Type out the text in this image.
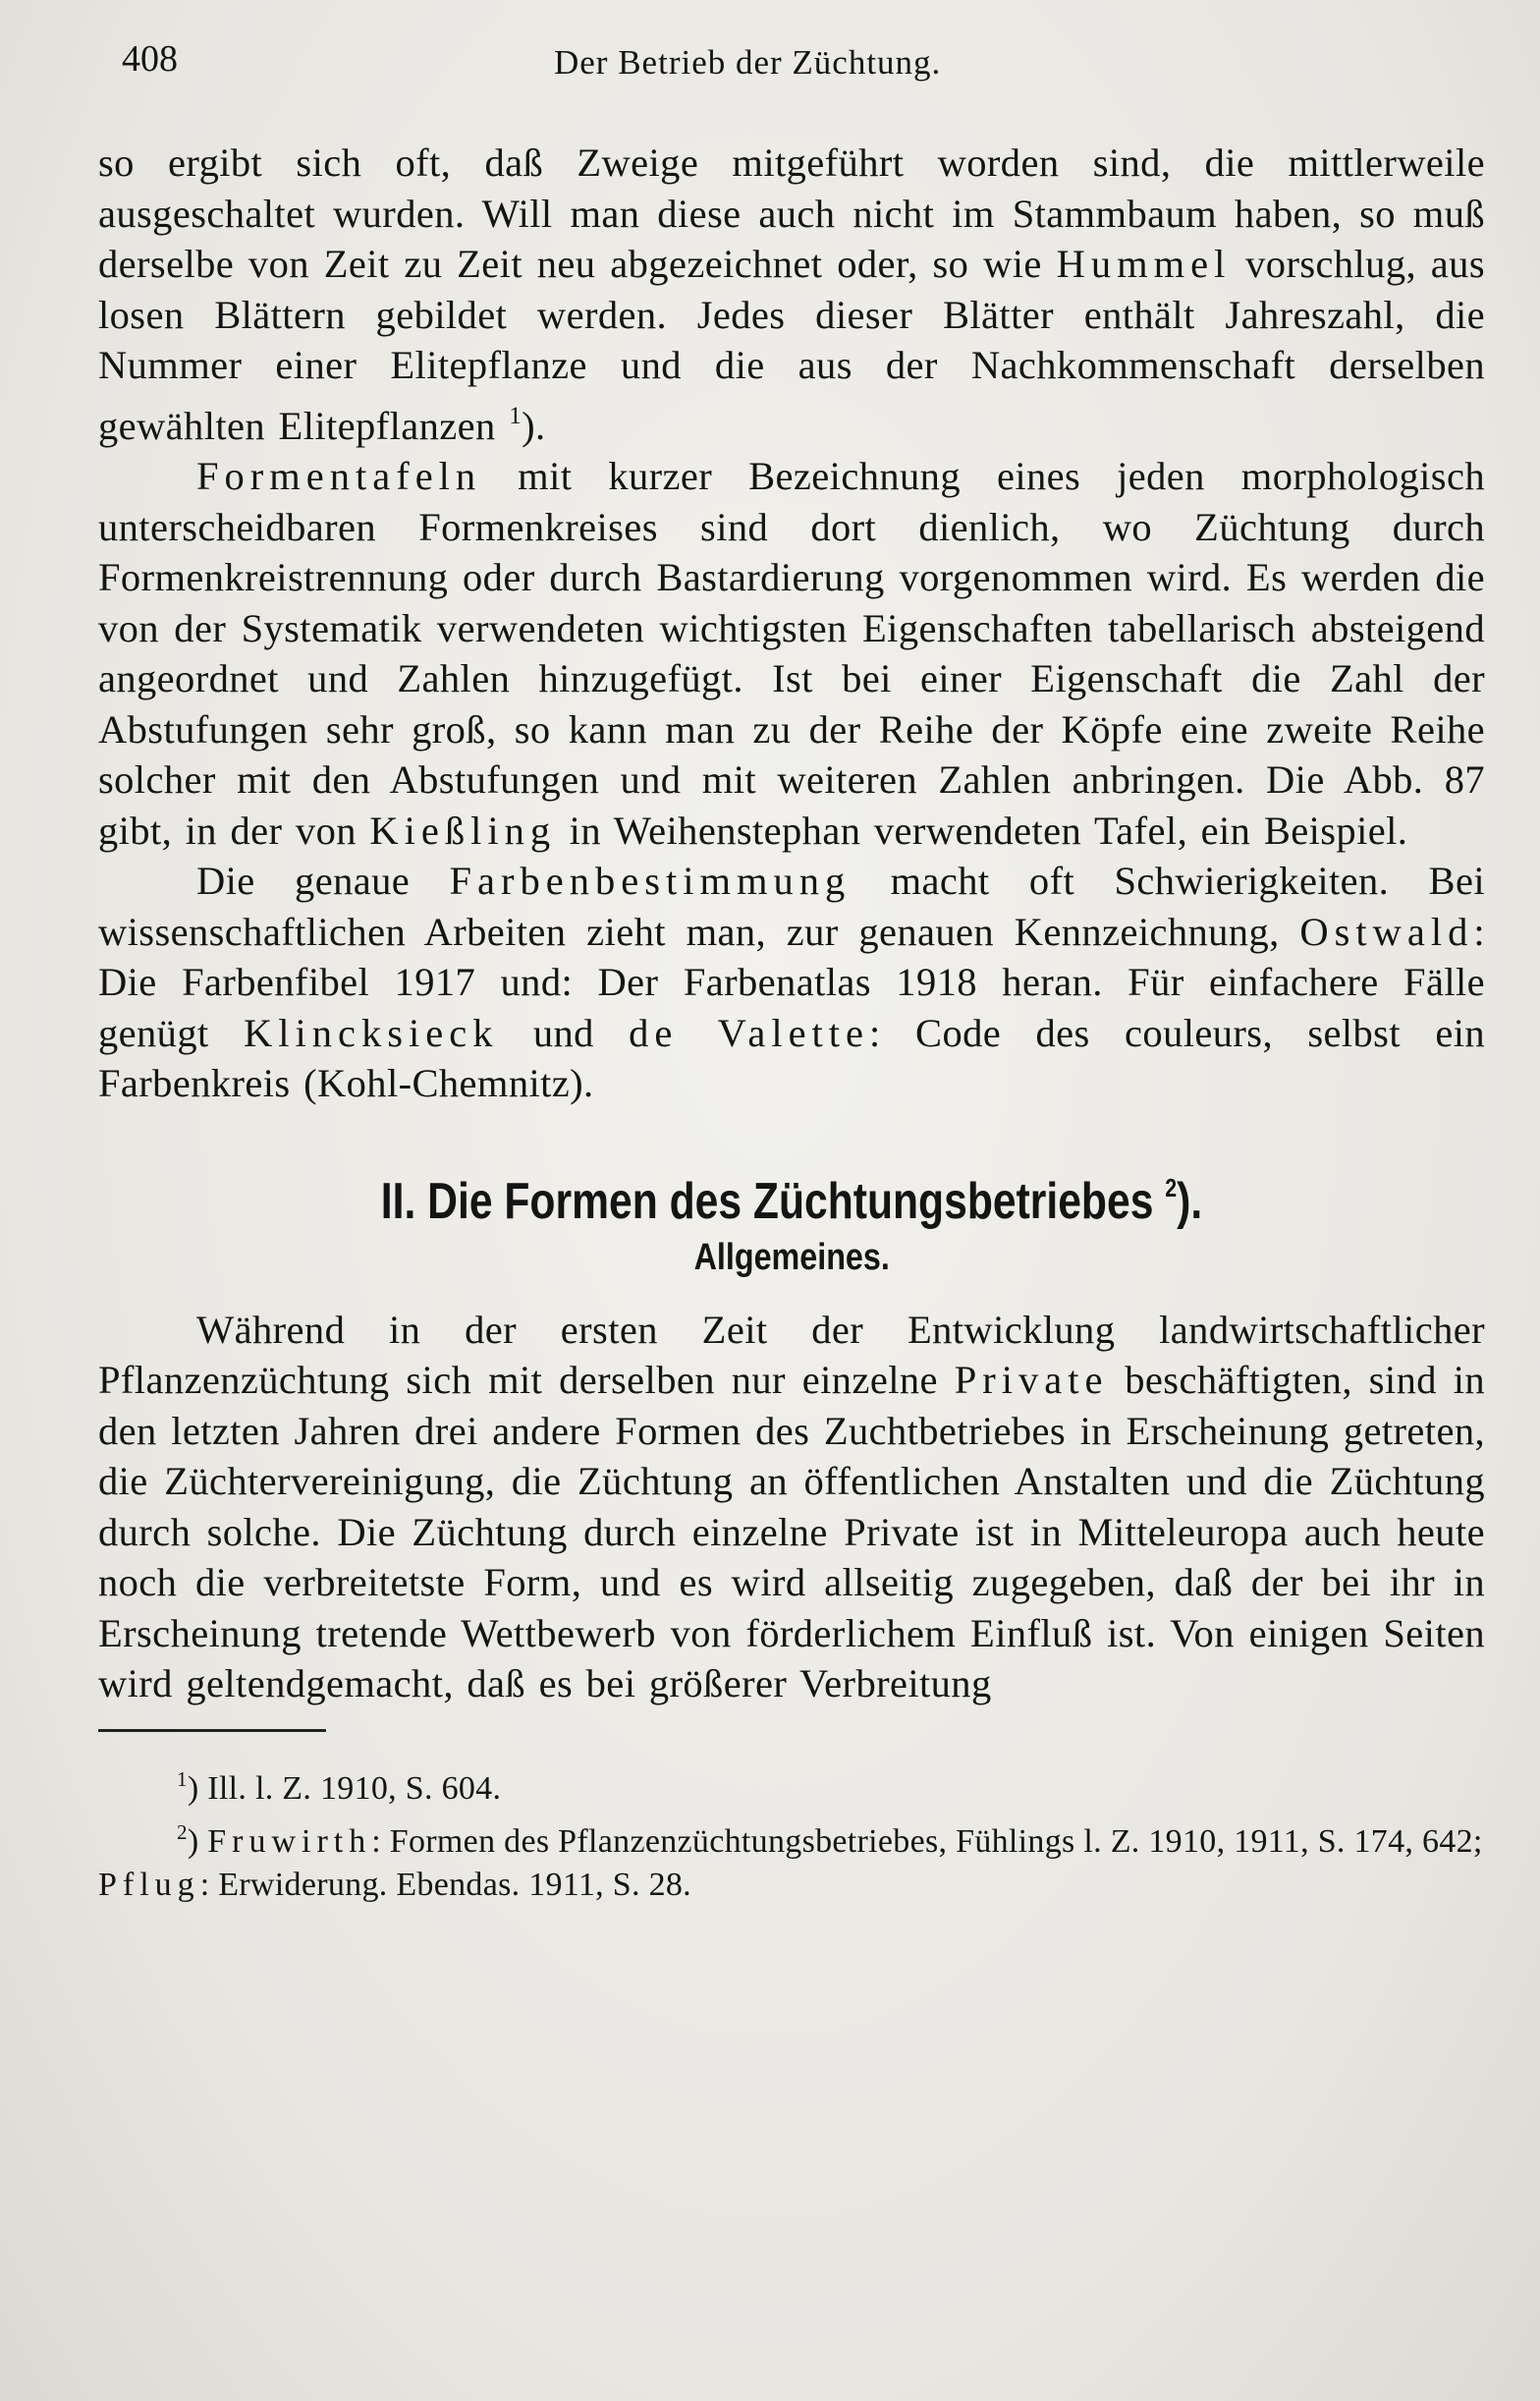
408	Der Betrieb der Züchtung.

so ergibt sich oft, daß Zweige mitgeführt worden sind, die mittlerweile ausgeschaltet wurden. Will man diese auch nicht im Stammbaum haben, so muß derselbe von Zeit zu Zeit neu abgezeichnet oder, so wie Hummel vorschlug, aus losen Blättern gebildet werden. Jedes dieser Blätter enthält Jahreszahl, die Nummer einer Elitepflanze und die aus der Nachkommenschaft derselben gewählten Elitepflanzen $^1$).

Formentafeln mit kurzer Bezeichnung eines jeden morphologisch unterscheidbaren Formenkreises sind dort dienlich, wo Züchtung durch Formenkreistrennung oder durch Bastardierung vorgenommen wird. Es werden die von der Systematik verwendeten wichtigsten Eigenschaften tabellarisch absteigend angeordnet und Zahlen hinzugefügt. Ist bei einer Eigenschaft die Zahl der Abstufungen sehr groß, so kann man zu der Reihe der Köpfe eine zweite Reihe solcher mit den Abstufungen und mit weiteren Zahlen anbringen. Die Abb. 87 gibt, in der von Kießling in Weihenstephan verwendeten Tafel, ein Beispiel.

Die genaue Farbenbestimmung macht oft Schwierigkeiten. Bei wissenschaftlichen Arbeiten zieht man, zur genauen Kennzeichnung, Ostwald: Die Farbenfibel 1917 und: Der Farbenatlas 1918 heran. Für einfachere Fälle genügt Klincksieck und de Valette: Code des couleurs, selbst ein Farbenkreis (Kohl-Chemnitz).

II. Die Formen des Züchtungsbetriebes $^2$).
Allgemeines.

Während in der ersten Zeit der Entwicklung landwirtschaftlicher Pflanzenzüchtung sich mit derselben nur einzelne Private beschäftigten, sind in den letzten Jahren drei andere Formen des Zuchtbetriebes in Erscheinung getreten, die Züchtervereinigung, die Züchtung an öffentlichen Anstalten und die Züchtung durch solche. Die Züchtung durch einzelne Private ist in Mitteleuropa auch heute noch die verbreitetste Form, und es wird allseitig zugegeben, daß der bei ihr in Erscheinung tretende Wettbewerb von förderlichem Einfluß ist. Von einigen Seiten wird geltendgemacht, daß es bei größerer Verbreitung

$^1$) Ill. l. Z. 1910, S. 604.

$^2$) Fruwirth: Formen des Pflanzenzüchtungsbetriebes, Fühlings l. Z. 1910, 1911, S. 174, 642; Pflug: Erwiderung. Ebendas. 1911, S. 28.
